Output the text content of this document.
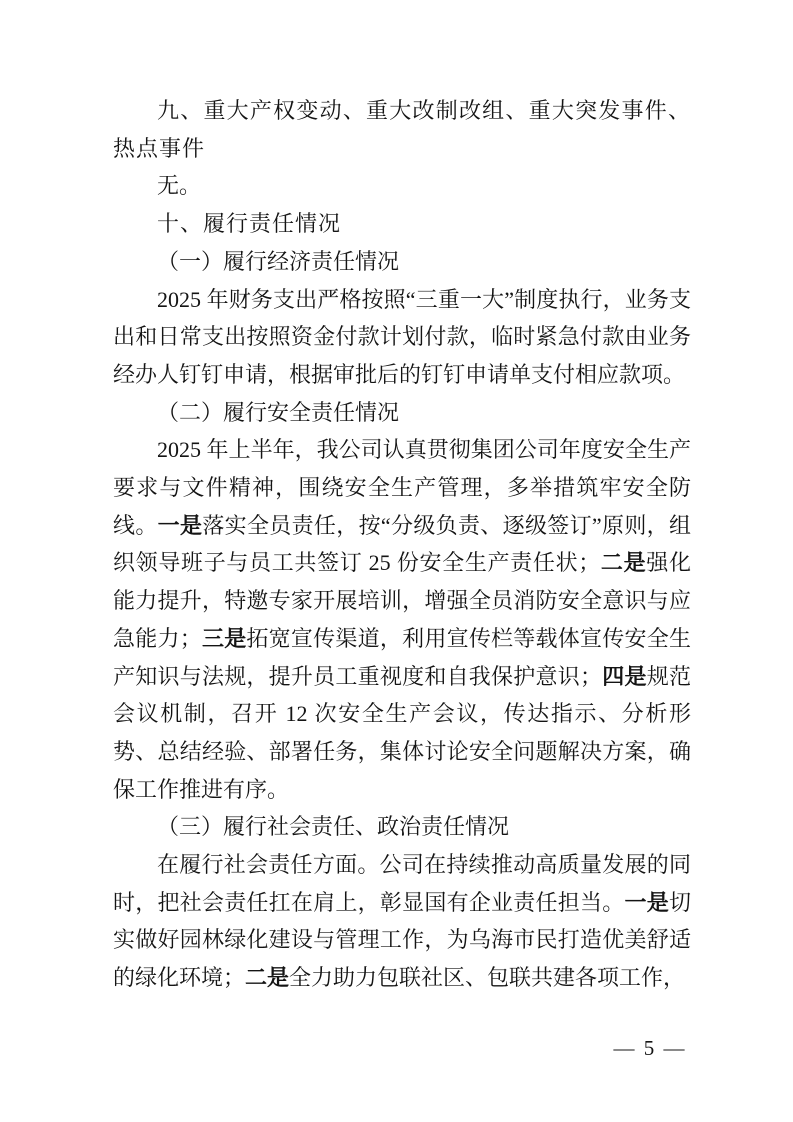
九、重大产权变动、重大改制改组、重大突发事件、热点事件

无。

十、履行责任情况
（一）履行经济责任情况

2025 年财务支出严格按照“三重一大”制度执行，业务支出和日常支出按照资金付款计划付款，临时紧急付款由业务经办人钉钉申请，根据审批后的钉钉申请单支付相应款项。

（二）履行安全责任情况

2025 年上半年，我公司认真贯彻集团公司年度安全生产要求与文件精神，围绕安全生产管理，多举措筑牢安全防线。一是落实全员责任，按“分级负责、逐级签订”原则，组织领导班子与员工共签订 25 份安全生产责任状；二是强化能力提升，特邀专家开展培训，增强全员消防安全意识与应急能力；三是拓宽宣传渠道，利用宣传栏等载体宣传安全生产知识与法规，提升员工重视度和自我保护意识；四是规范会议机制，召开 12 次安全生产会议，传达指示、分析形势、总结经验、部署任务，集体讨论安全问题解决方案，确保工作推进有序。

（三）履行社会责任、政治责任情况

在履行社会责任方面。公司在持续推动高质量发展的同时，把社会责任扛在肩上，彰显国有企业责任担当。一是切实做好园林绿化建设与管理工作，为乌海市民打造优美舒适的绿化环境；二是全力助力包联社区、包联共建各项工作，

— 5 —
